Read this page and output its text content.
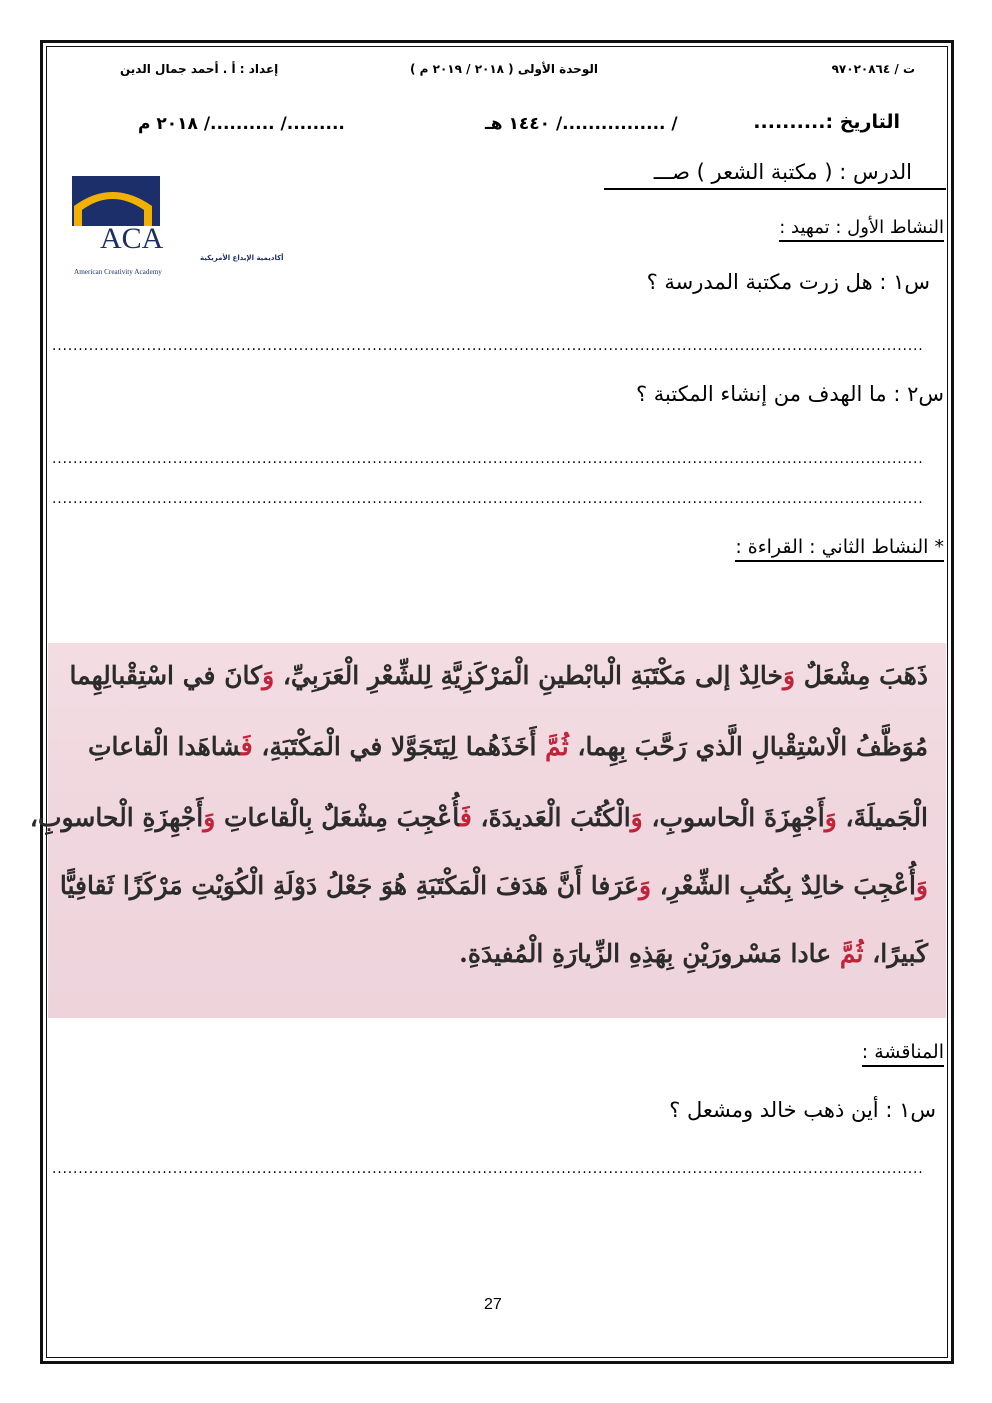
ت / ٩٧٠٢٠٨٦٤
الوحدة الأولى ( ٢٠١٨ / ٢٠١٩ م )
إعداد : أ . أحمد جمال الدين
التاريخ :..........
/ ................/ ١٤٤٠ هـ
........./ ........../ ٢٠١٨ م
الدرس : ( مكتبة الشعر ) صـــ
ACA
أكاديمية الإبداع الأمريكية
American Creativity Academy
النشاط الأول : تمهيد :
س١ : هل زرت مكتبة المدرسة ؟
......................................................................................................................................................................
س٢ : ما الهدف من إنشاء المكتبة ؟
......................................................................................................................................................................
......................................................................................................................................................................
* النشاط الثاني : القراءة :
ذَهَبَ مِشْعَلٌ وَخالِدٌ إلى مَكْتَبَةِ الْبابْطينِ الْمَرْكَزِيَّةِ لِلشِّعْرِ الْعَرَبِيِّ، وَكانَ في اسْتِقْبالِهِما
مُوَظَّفُ الْاسْتِقْبالِ الَّذي رَحَّبَ بِهِما، ثُمَّ أَخَذَهُما لِيَتَجَوَّلا في الْمَكْتَبَةِ، فَشاهَدا الْقاعاتِ
الْجَميلَةَ، وَأَجْهِزَةَ الْحاسوبِ، وَالْكُتُبَ الْعَديدَةَ، فَأُعْجِبَ مِشْعَلٌ بِالْقاعاتِ وَأَجْهِزَةِ الْحاسوبِ،
وَأُعْجِبَ خالِدٌ بِكُتُبِ الشِّعْرِ، وَعَرَفا أَنَّ هَدَفَ الْمَكْتَبَةِ هُوَ جَعْلُ دَوْلَةِ الْكُوَيْتِ مَرْكَزًا ثَقافِيًّا
كَبيرًا، ثُمَّ عادا مَسْرورَيْنِ بِهَذِهِ الزِّيارَةِ الْمُفيدَةِ.
المناقشة :
س١ : أين ذهب خالد ومشعل ؟
......................................................................................................................................................................
27
